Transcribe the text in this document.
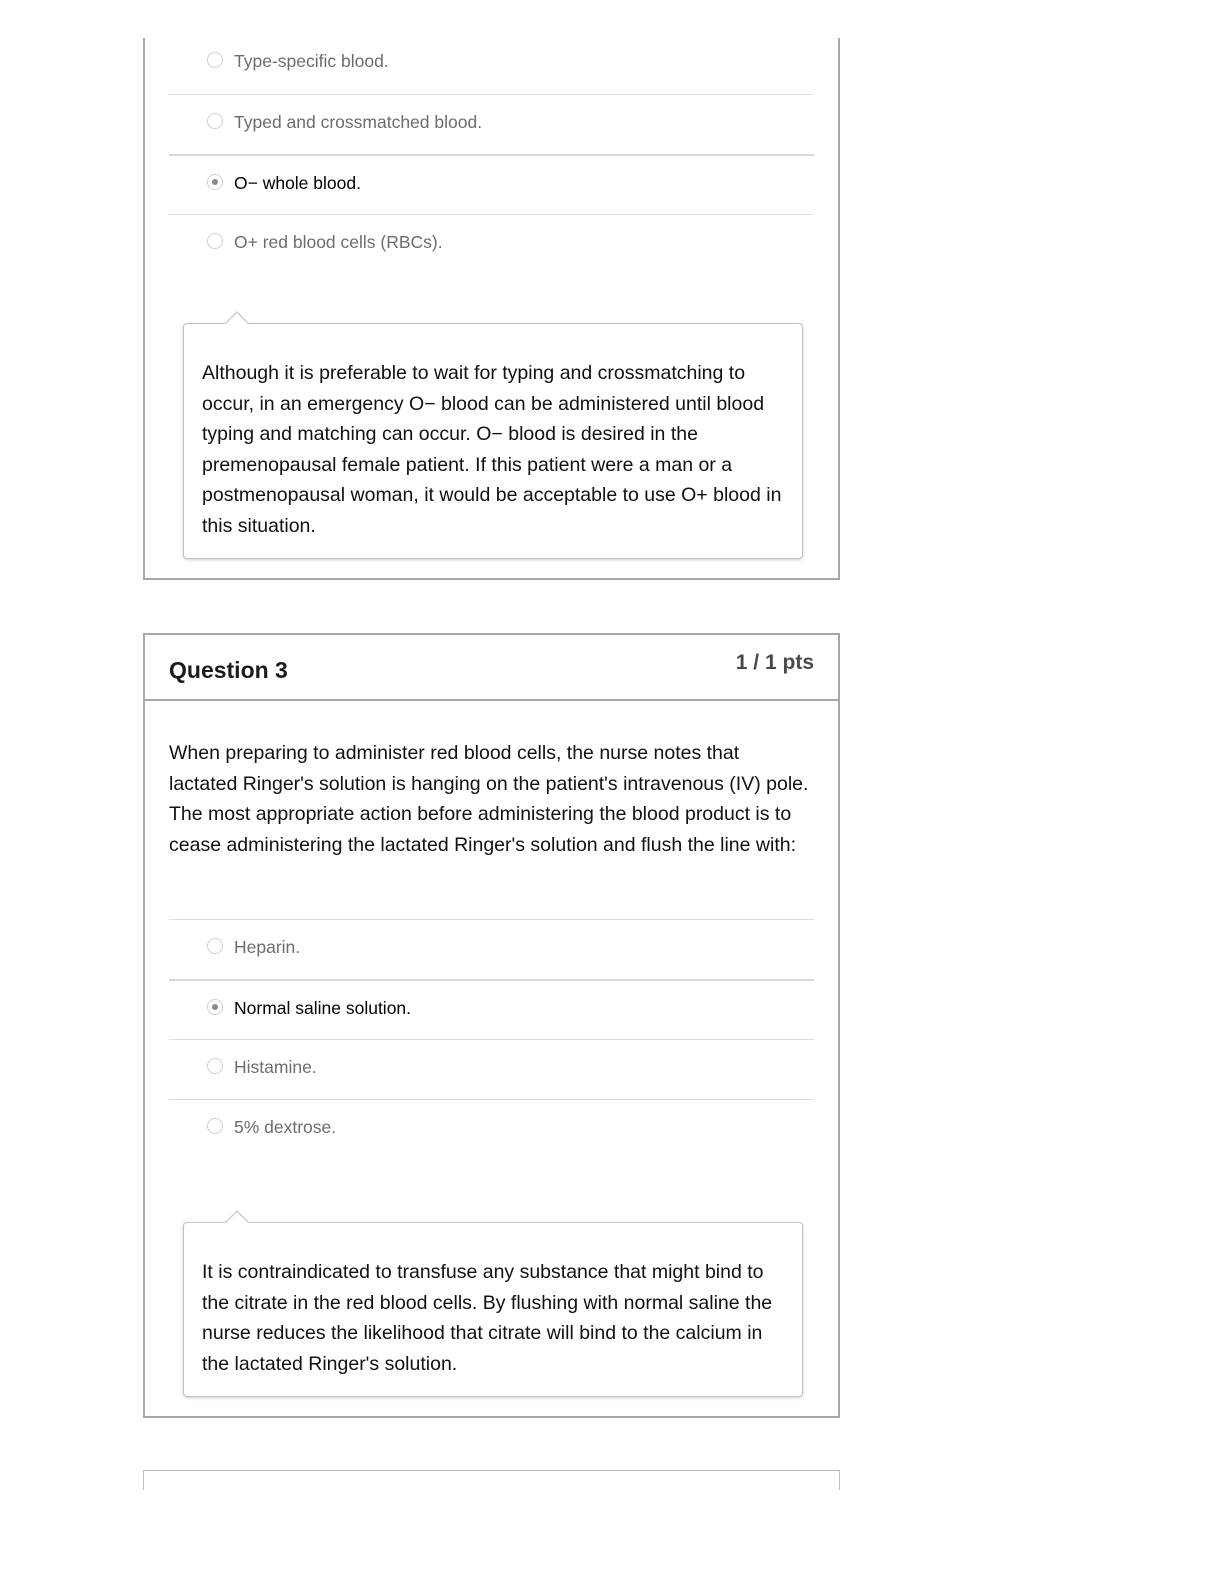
Type-specific blood.
Typed and crossmatched blood.
O− whole blood.
O+ red blood cells (RBCs).
Although it is preferable to wait for typing and crossmatching to occur, in an emergency O− blood can be administered until blood typing and matching can occur. O− blood is desired in the premenopausal female patient. If this patient were a man or a postmenopausal woman, it would be acceptable to use O+ blood in this situation.
Question 3	1 / 1 pts
When preparing to administer red blood cells, the nurse notes that lactated Ringer's solution is hanging on the patient's intravenous (IV) pole. The most appropriate action before administering the blood product is to cease administering the lactated Ringer's solution and flush the line with:
Heparin.
Normal saline solution.
Histamine.
5% dextrose.
It is contraindicated to transfuse any substance that might bind to the citrate in the red blood cells. By flushing with normal saline the nurse reduces the likelihood that citrate will bind to the calcium in the lactated Ringer's solution.
